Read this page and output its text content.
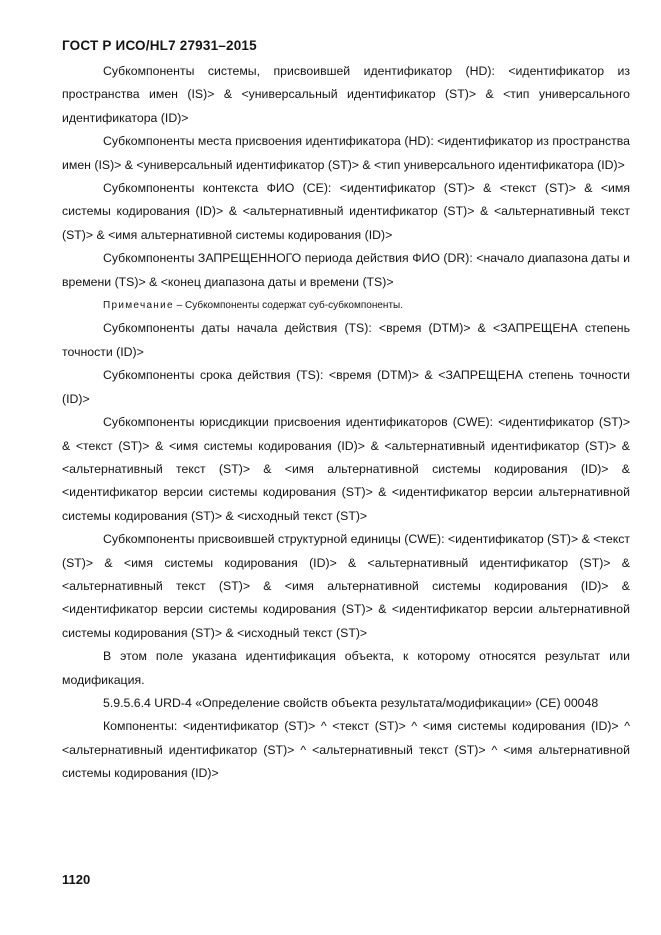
ГОСТ Р ИСО/HL7 27931–2015

Субкомпоненты системы, присвоившей идентификатор (HD): <идентификатор из пространства имен (IS)> & <универсальный идентификатор (ST)> & <тип универсального идентификатора (ID)>

Субкомпоненты места присвоения идентификатора (HD): <идентификатор из пространства имен (IS)> & <универсальный идентификатор (ST)> & <тип универсального идентификатора (ID)>

Субкомпоненты контекста ФИО (CE): <идентификатор (ST)> & <текст (ST)> & <имя системы кодирования (ID)> & <альтернативный идентификатор (ST)> & <альтернативный текст (ST)> & <имя альтернативной системы кодирования (ID)>

Субкомпоненты ЗАПРЕЩЕННОГО периода действия ФИО (DR): <начало диапазона даты и времени (TS)> & <конец диапазона даты и времени (TS)>

Примечание – Субкомпоненты содержат суб-субкомпоненты.

Субкомпоненты даты начала действия (TS): <время (DTM)> & <ЗАПРЕЩЕНА степень точности (ID)>

Субкомпоненты срока действия (TS): <время (DTM)> & <ЗАПРЕЩЕНА степень точности (ID)>

Субкомпоненты юрисдикции присвоения идентификаторов (CWE): <идентификатор (ST)> & <текст (ST)> & <имя системы кодирования (ID)> & <альтернативный идентификатор (ST)> & <альтернативный текст (ST)> & <имя альтернативной системы кодирования (ID)> & <идентификатор версии системы кодирования (ST)> & <идентификатор версии альтернативной системы кодирования (ST)> & <исходный текст (ST)>

Субкомпоненты присвоившей структурной единицы (CWE): <идентификатор (ST)> & <текст (ST)> & <имя системы кодирования (ID)> & <альтернативный идентификатор (ST)> & <альтернативный текст (ST)> & <имя альтернативной системы кодирования (ID)> & <идентификатор версии системы кодирования (ST)> & <идентификатор версии альтернативной системы кодирования (ST)> & <исходный текст (ST)>

В этом поле указана идентификация объекта, к которому относятся результат или модификация.

5.9.5.6.4 URD-4 «Определение свойств объекта результата/модификации» (CE) 00048

Компоненты: <идентификатор (ST)> ^ <текст (ST)> ^ <имя системы кодирования (ID)> ^ <альтернативный идентификатор (ST)> ^ <альтернативный текст (ST)> ^ <имя альтернативной системы кодирования (ID)>

1120
